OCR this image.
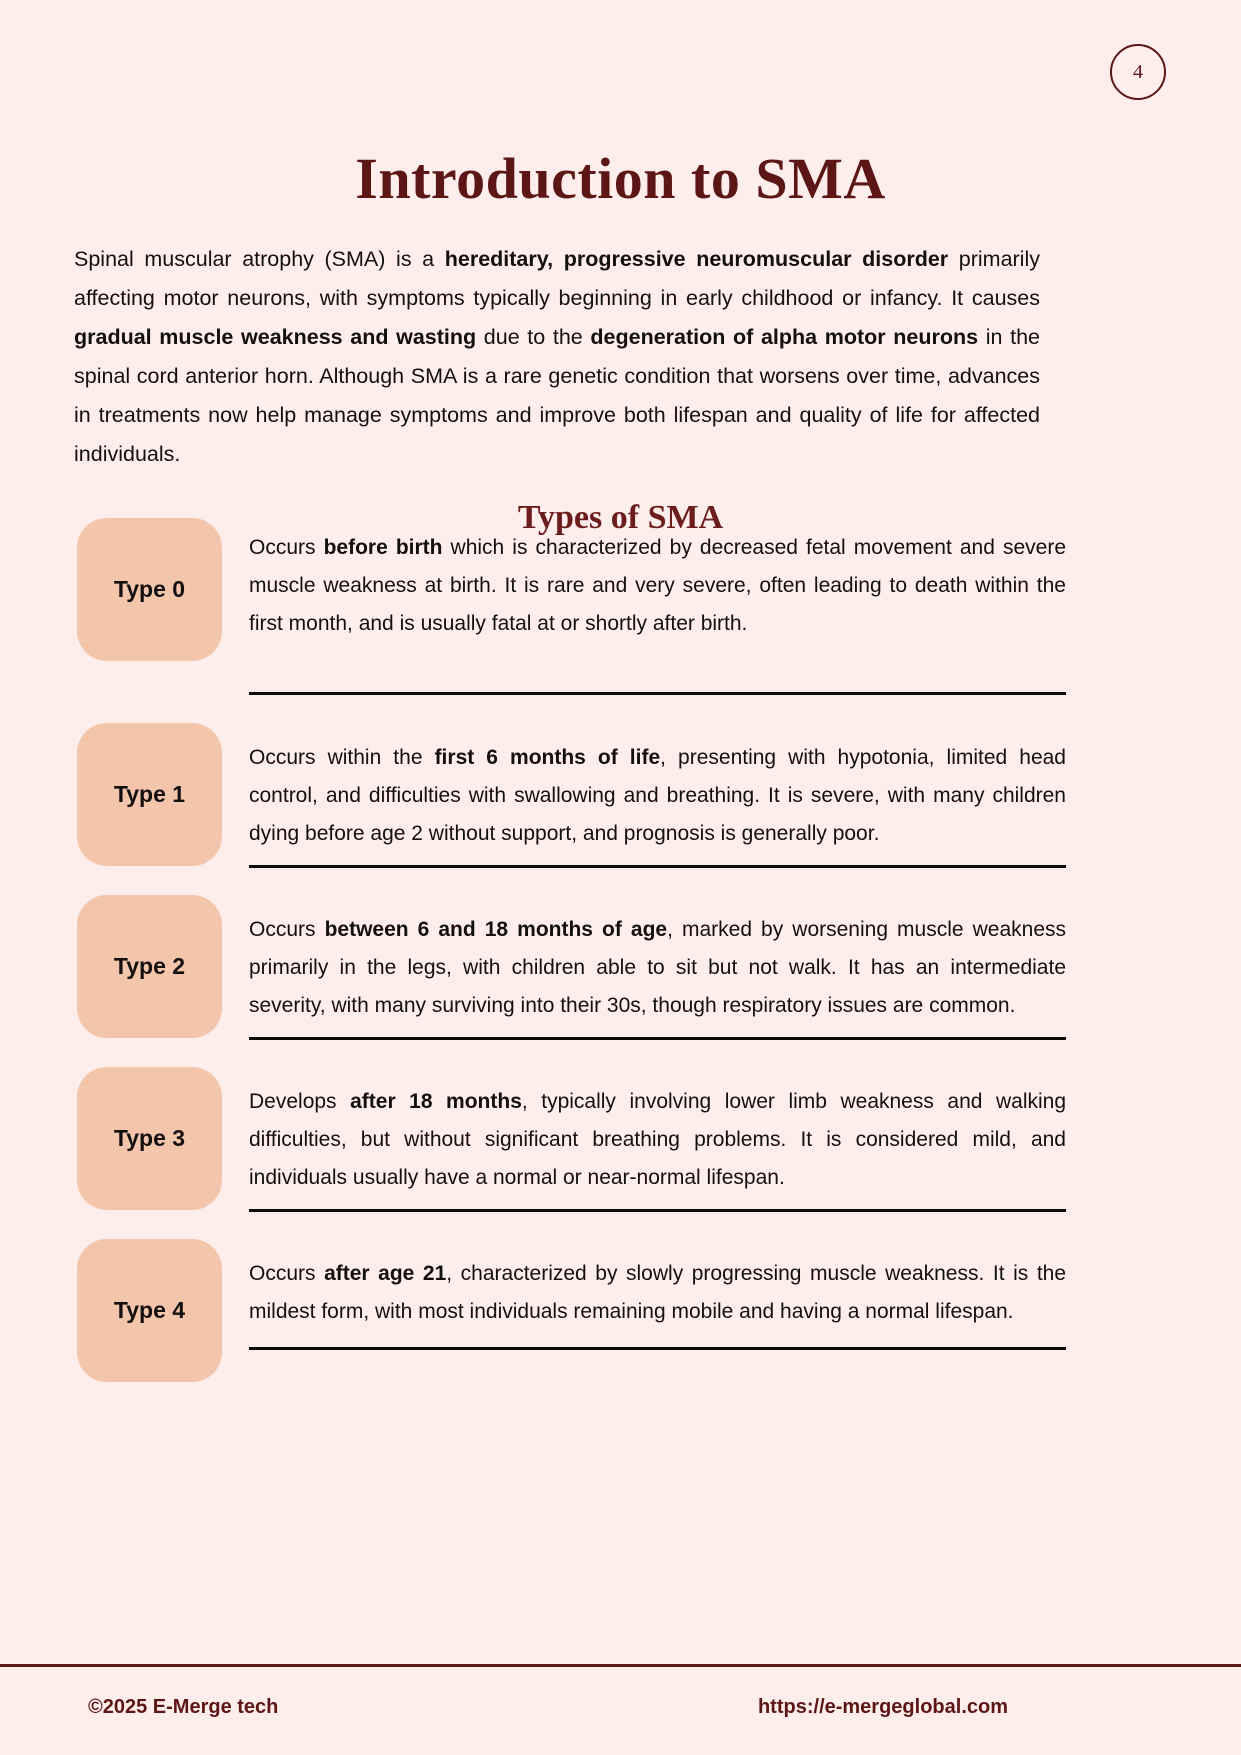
4
Introduction to SMA

Spinal muscular atrophy (SMA) is a hereditary, progressive neuromuscular disorder primarily affecting motor neurons, with symptoms typically beginning in early childhood or infancy. It causes gradual muscle weakness and wasting due to the degeneration of alpha motor neurons in the spinal cord anterior horn. Although SMA is a rare genetic condition that worsens over time, advances in treatments now help manage symptoms and improve both lifespan and quality of life for affected individuals.

Types of SMA
Type 0
Occurs before birth which is characterized by decreased fetal movement and severe muscle weakness at birth. It is rare and very severe, often leading to death within the first month, and is usually fatal at or shortly after birth.
Type 1
Occurs within the first 6 months of life, presenting with hypotonia, limited head control, and difficulties with swallowing and breathing. It is severe, with many children dying before age 2 without support, and prognosis is generally poor.
Type 2
Occurs between 6 and 18 months of age, marked by worsening muscle weakness primarily in the legs, with children able to sit but not walk. It has an intermediate severity, with many surviving into their 30s, though respiratory issues are common.
Type 3
Develops after 18 months, typically involving lower limb weakness and walking difficulties, but without significant breathing problems. It is considered mild, and individuals usually have a normal or near-normal lifespan.
Type 4
Occurs after age 21, characterized by slowly progressing muscle weakness. It is the mildest form, with most individuals remaining mobile and having a normal lifespan.
©2025 E-Merge tech	https://e-mergeglobal.com
